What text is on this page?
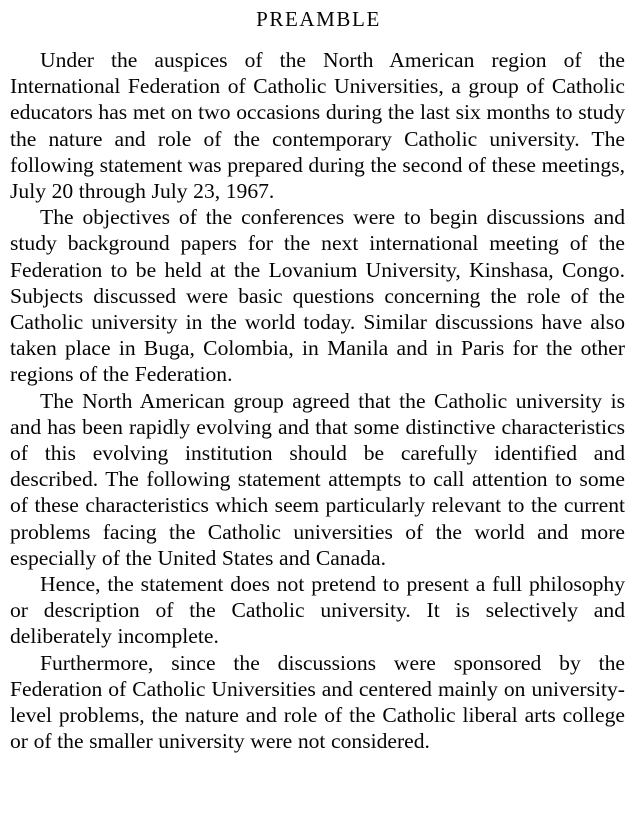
PREAMBLE

Under the auspices of the North American region of the International Federation of Catholic Universities, a group of Catholic educators has met on two occasions during the last six months to study the nature and role of the contemporary Catholic university. The following statement was prepared during the second of these meetings, July 20 through July 23, 1967.

The objectives of the conferences were to begin discussions and study background papers for the next international meeting of the Federation to be held at the Lovanium University, Kinshasa, Congo. Subjects discussed were basic questions concerning the role of the Catholic university in the world today. Similar discussions have also taken place in Buga, Colombia, in Manila and in Paris for the other regions of the Federation.

The North American group agreed that the Catholic university is and has been rapidly evolving and that some distinctive characteristics of this evolving institution should be carefully identified and described. The following statement attempts to call attention to some of these characteristics which seem particularly relevant to the current problems facing the Catholic universities of the world and more especially of the United States and Canada.

Hence, the statement does not pretend to present a full philosophy or description of the Catholic university. It is selectively and deliberately incomplete.

Furthermore, since the discussions were sponsored by the Federation of Catholic Universities and centered mainly on university-level problems, the nature and role of the Catholic liberal arts college or of the smaller university were not considered.
